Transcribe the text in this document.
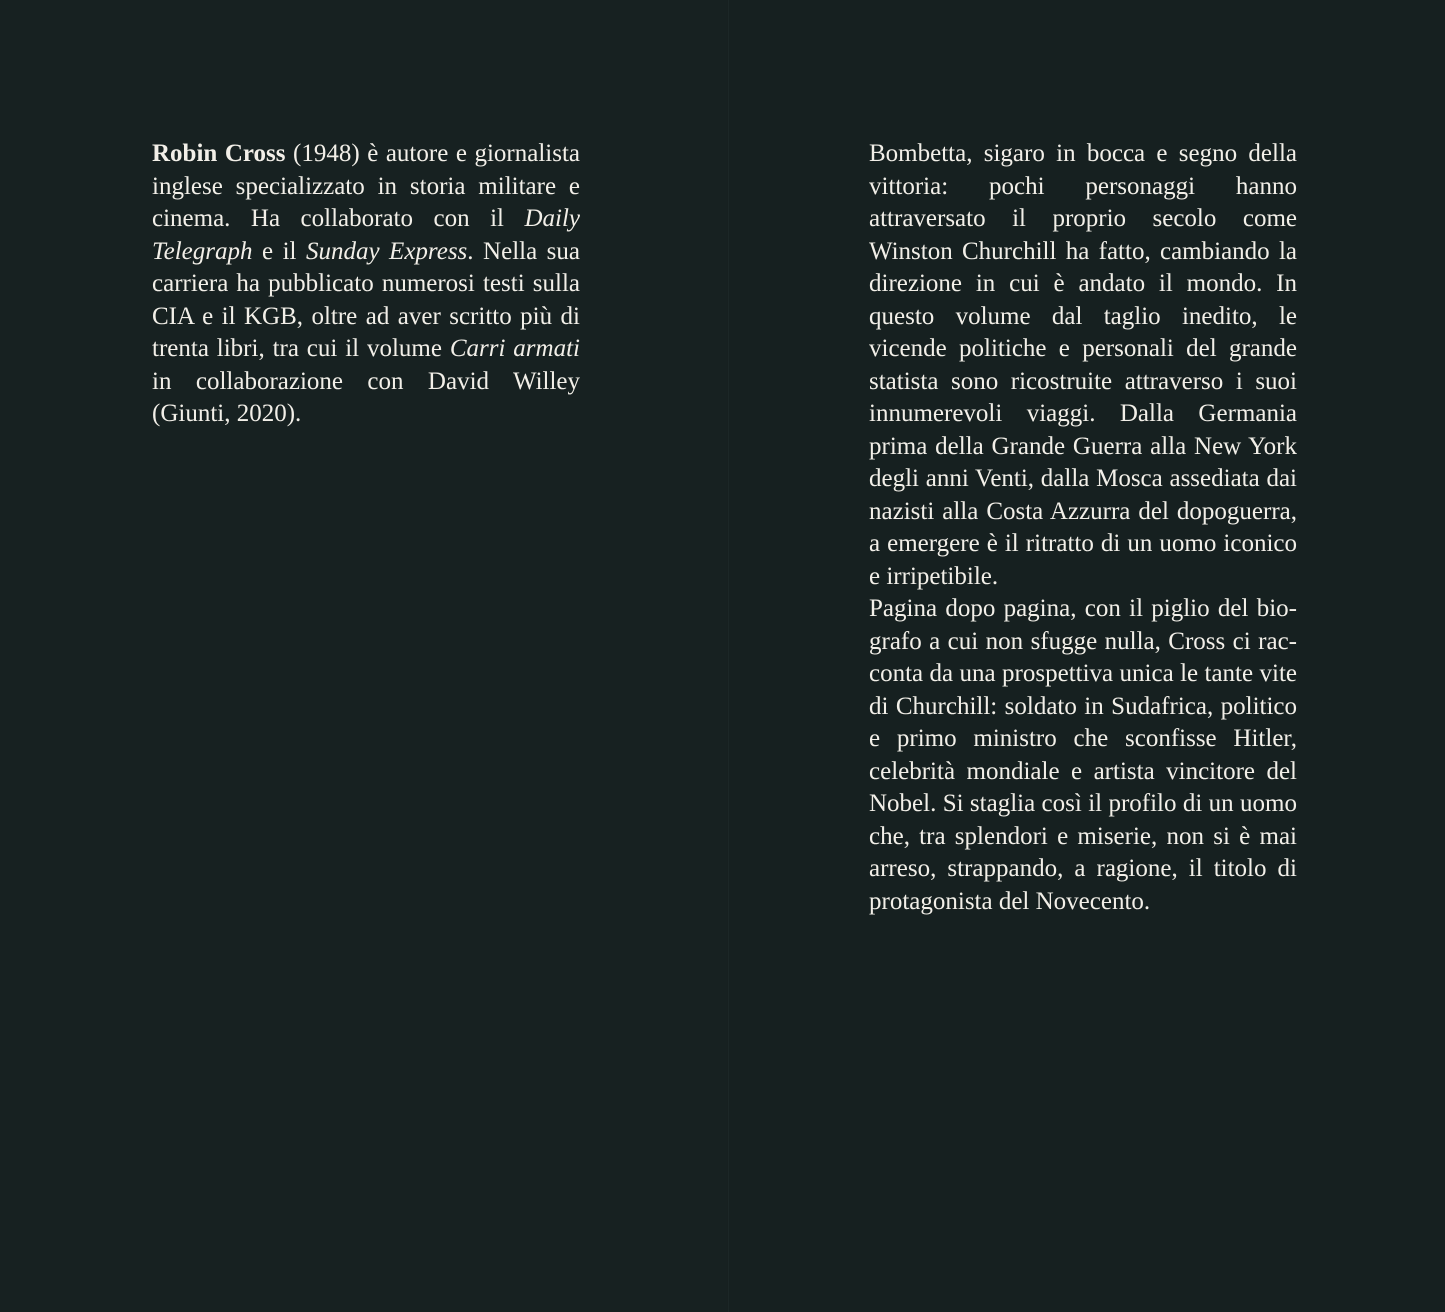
Robin Cross (1948) è autore e giornalista inglese specializzato in storia militare e cinema. Ha collaborato con il Daily Telegraph e il Sunday Express. Nella sua carriera ha pubblicato numerosi testi sulla CIA e il KGB, oltre ad aver scritto più di trenta libri, tra cui il volume Carri armati in collaborazione con David Willey (Giunti, 2020).

Bombetta, sigaro in bocca e segno della vittoria: pochi personaggi hanno attraversato il proprio secolo come Winston Churchill ha fatto, cambiando la direzione in cui è andato il mondo. In questo volume dal taglio inedito, le vicende politiche e personali del grande statista sono ricostruite attraverso i suoi innumerevoli viaggi. Dalla Germania prima della Grande Guerra alla New York degli anni Venti, dalla Mosca assediata dai nazisti alla Costa Azzurra del dopoguerra, a emergere è il ritratto di un uomo iconico e irripetibile.

Pagina dopo pagina, con il piglio del biografo a cui non sfugge nulla, Cross ci racconta da una prospettiva unica le tante vite di Churchill: soldato in Sudafrica, politico e primo ministro che sconfisse Hitler, celebrità mondiale e artista vincitore del Nobel. Si staglia così il profilo di un uomo che, tra splendori e miserie, non si è mai arreso, strappando, a ragione, il titolo di protagonista del Novecento.
